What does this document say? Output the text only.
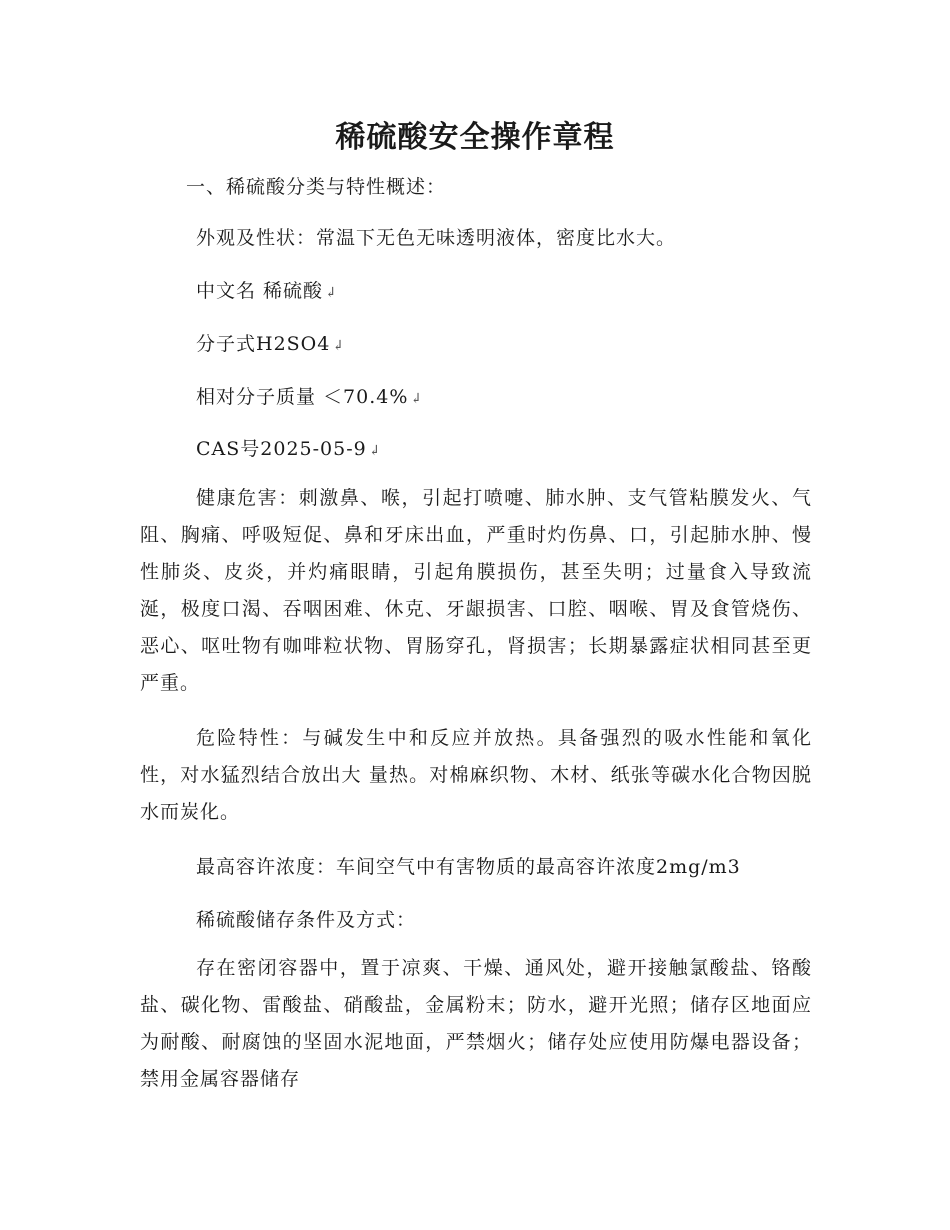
稀硫酸安全操作章程
一、稀硫酸分类与特性概述：
外观及性状：常温下无色无味透明液体，密度比水大。
中文名 稀硫酸 ↲
分子式H2SO4 ↲
相对分子质量 ＜70.4% ↲
CAS号2025-05-9 ↲
健康危害：刺激鼻、喉，引起打喷嚏、肺水肿、支气管粘膜发火、气阻、胸痛、呼吸短促、鼻和牙床出血，严重时灼伤鼻、口，引起肺水肿、慢性肺炎、皮炎，并灼痛眼睛，引起角膜损伤，甚至失明；过量食入导致流涎，极度口渴、吞咽困难、休克、牙龈损害、口腔、咽喉、胃及食管烧伤、恶心、呕吐物有咖啡粒状物、胃肠穿孔，肾损害；长期暴露症状相同甚至更严重。
危险特性：与碱发生中和反应并放热。具备强烈的吸水性能和氧化性，对水猛烈结合放出大 量热。对棉麻织物、木材、纸张等碳水化合物因脱水而炭化。
最高容许浓度：车间空气中有害物质的最高容许浓度2mg/m3
稀硫酸储存条件及方式：
存在密闭容器中，置于凉爽、干燥、通风处，避开接触氯酸盐、铬酸盐、碳化物、雷酸盐、硝酸盐，金属粉末；防水，避开光照；储存区地面应为耐酸、耐腐蚀的坚固水泥地面，严禁烟火；储存处应使用防爆电器设备；禁用金属容器储存
